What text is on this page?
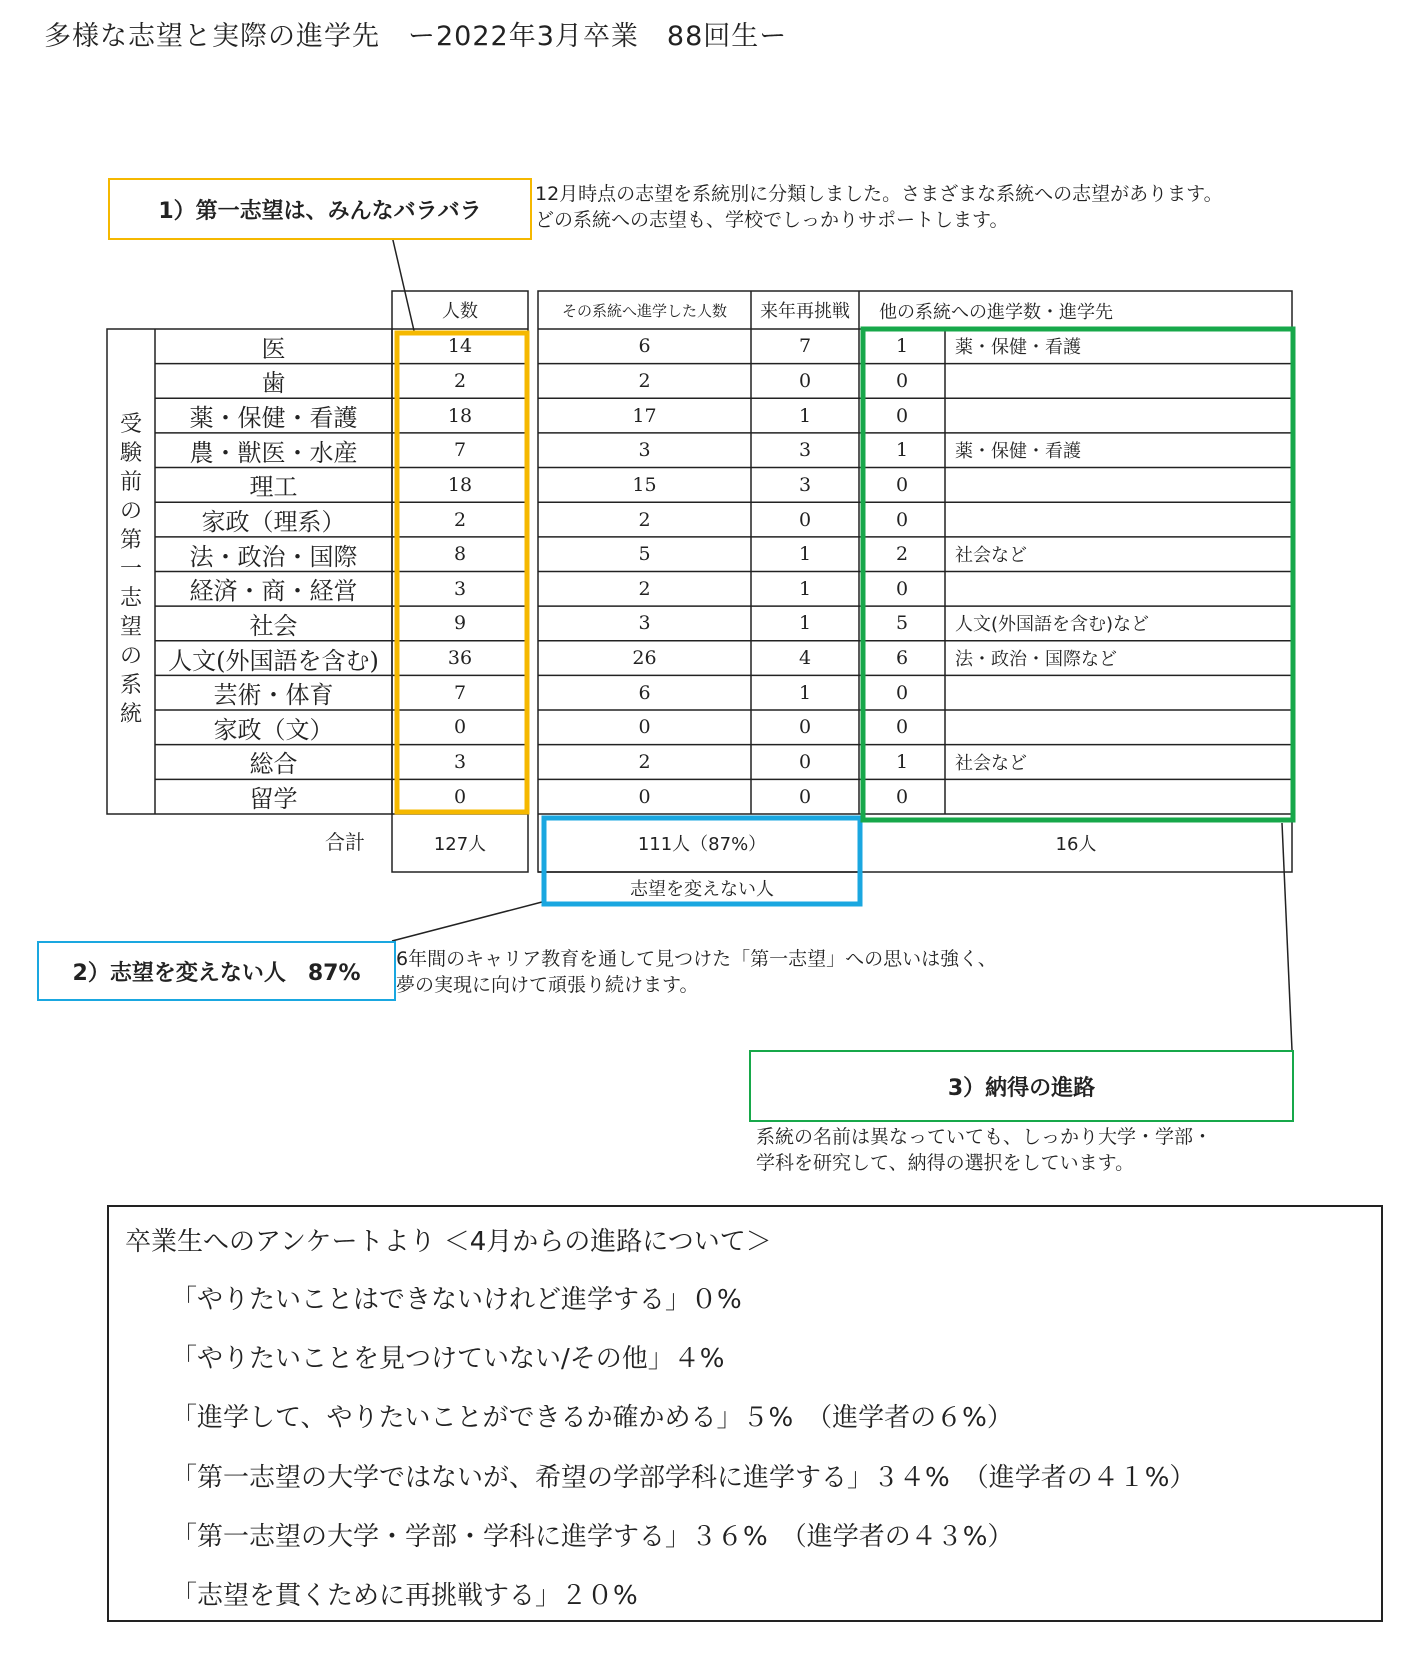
多様な志望と実際の進学先　ー2022年3月卒業　88回生ー
1）第一志望は、みんなバラバラ
12月時点の志望を系統別に分類しました。さまざまな系統への志望があります。
どの系統への志望も、学校でしっかりサポートします。
人数	その系統へ進学した人数	来年再挑戦	他の系統への進学数・進学先
受験前の第一志望の系統
医	14	6	7	1	薬・保健・看護
歯	2	2	0	0
薬・保健・看護	18	17	1	0
農・獣医・水産	7	3	3	1	薬・保健・看護
理工	18	15	3	0
家政（理系）	2	2	0	0
法・政治・国際	8	5	1	2	社会など
経済・商・経営	3	2	1	0
社会	9	3	1	5	人文(外国語を含む)など
人文(外国語を含む)	36	26	4	6	法・政治・国際など
芸術・体育	7	6	1	0
家政（文）	0	0	0	0
総合	3	2	0	1	社会など
留学	0	0	0	0
合計	127人	111人（87%）	16人
志望を変えない人
2）志望を変えない人　87%
6年間のキャリア教育を通して見つけた「第一志望」への思いは強く、
夢の実現に向けて頑張り続けます。
3）納得の進路
系統の名前は異なっていても、しっかり大学・学部・
学科を研究して、納得の選択をしています。
卒業生へのアンケートより ＜4月からの進路について＞
「やりたいことはできないけれど進学する」０%
「やりたいことを見つけていない/その他」４%
「進学して、やりたいことができるか確かめる」５%　（進学者の６%）
「第一志望の大学ではないが、希望の学部学科に進学する」３４%　（進学者の４１%）
「第一志望の大学・学部・学科に進学する」３６%　（進学者の４３%）
「志望を貫くために再挑戦する」２０%
